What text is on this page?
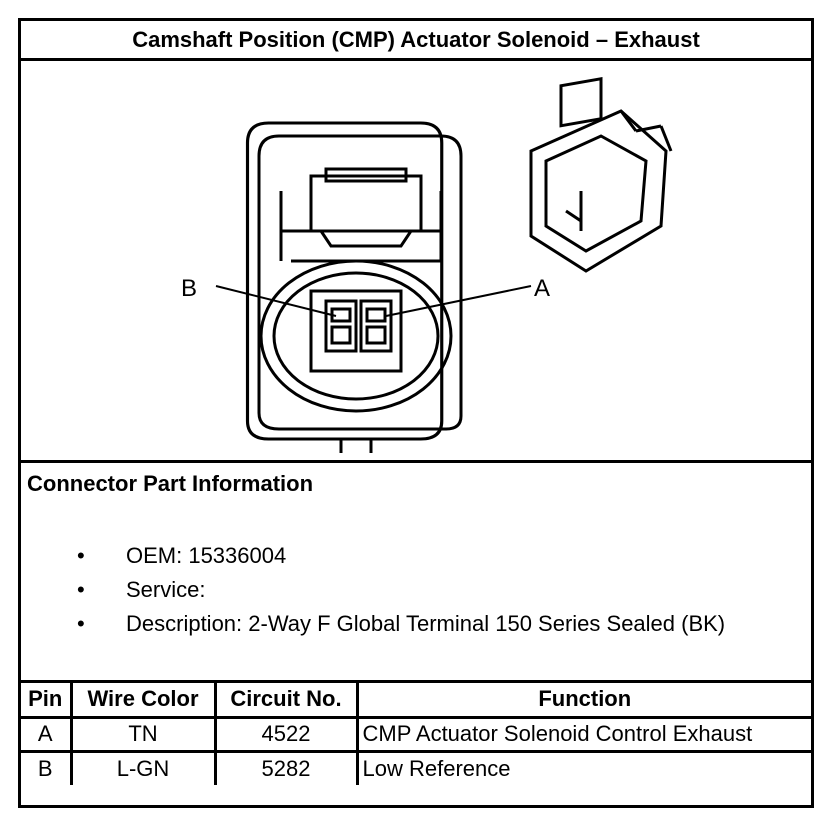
Camshaft Position (CMP) Actuator Solenoid – Exhaust
B	A
Connector Part Information
• OEM: 15336004
• Service:
• Description: 2-Way F Global Terminal 150 Series Sealed (BK)
Pin	Wire Color	Circuit No.	Function
A	TN	4522	CMP Actuator Solenoid Control Exhaust
B	L-GN	5282	Low Reference
